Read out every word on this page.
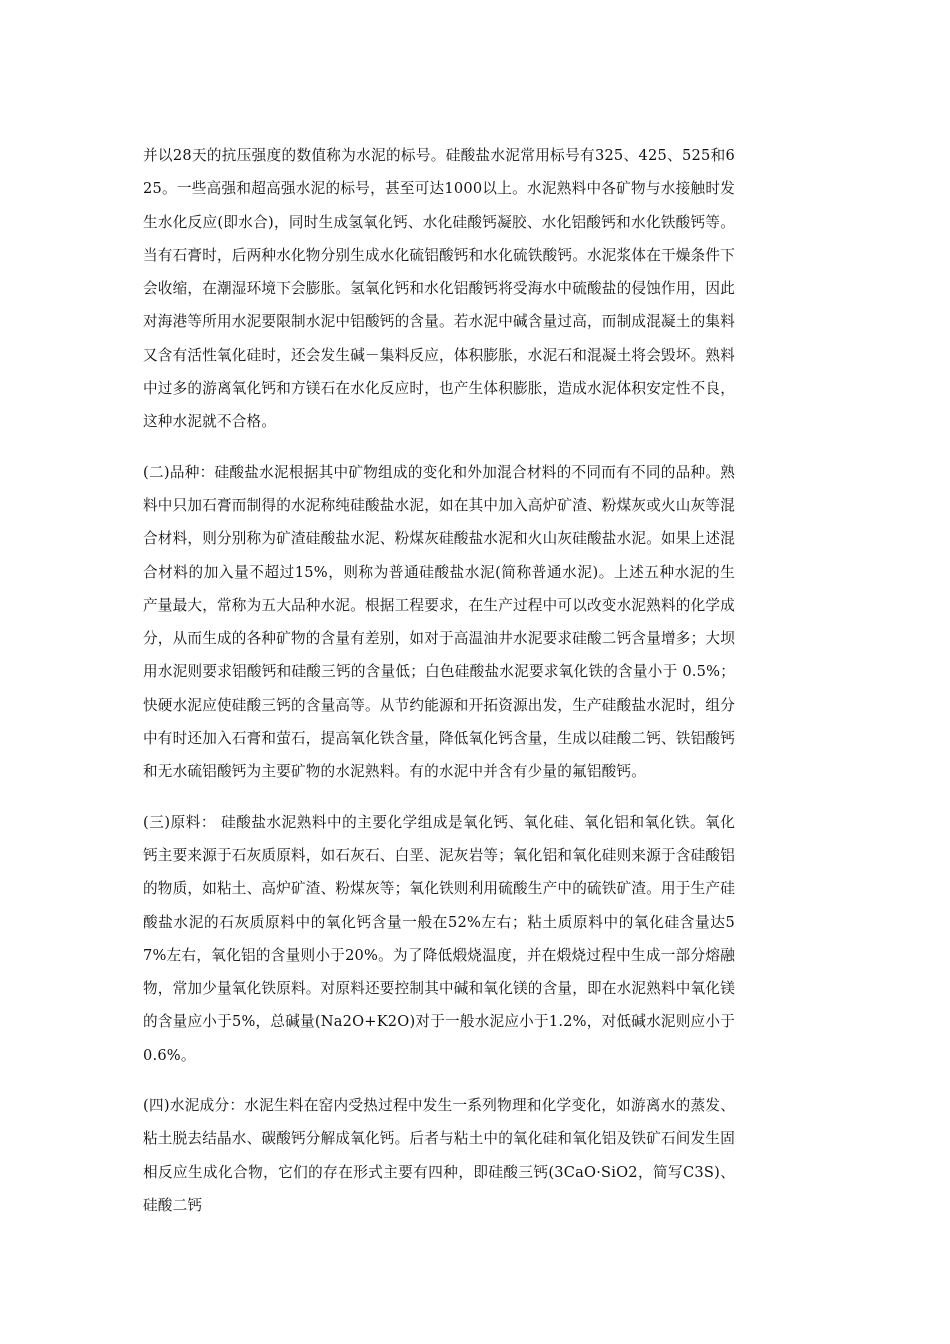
并以28天的抗压强度的数值称为水泥的标号。硅酸盐水泥常用标号有325、425、525和625。一些高强和超高强水泥的标号，甚至可达1000以上。水泥熟料中各矿物与水接触时发生水化反应(即水合)，同时生成氢氧化钙、水化硅酸钙凝胶、水化铝酸钙和水化铁酸钙等。当有石膏时，后两种水化物分别生成水化硫铝酸钙和水化硫铁酸钙。水泥浆体在干燥条件下会收缩，在潮湿环境下会膨胀。氢氧化钙和水化铝酸钙将受海水中硫酸盐的侵蚀作用，因此对海港等所用水泥要限制水泥中铝酸钙的含量。若水泥中碱含量过高，而制成混凝土的集料又含有活性氧化硅时，还会发生碱－集料反应，体积膨胀，水泥石和混凝土将会毁坏。熟料中过多的游离氧化钙和方镁石在水化反应时，也产生体积膨胀，造成水泥体积安定性不良，这种水泥就不合格。

(二)品种：硅酸盐水泥根据其中矿物组成的变化和外加混合材料的不同而有不同的品种。熟料中只加石膏而制得的水泥称纯硅酸盐水泥，如在其中加入高炉矿渣、粉煤灰或火山灰等混合材料，则分别称为矿渣硅酸盐水泥、粉煤灰硅酸盐水泥和火山灰硅酸盐水泥。如果上述混合材料的加入量不超过15%，则称为普通硅酸盐水泥(简称普通水泥)。上述五种水泥的生产量最大，常称为五大品种水泥。根据工程要求，在生产过程中可以改变水泥熟料的化学成分，从而生成的各种矿物的含量有差别，如对于高温油井水泥要求硅酸二钙含量增多；大坝用水泥则要求铝酸钙和硅酸三钙的含量低；白色硅酸盐水泥要求氧化铁的含量小于 0.5%；快硬水泥应使硅酸三钙的含量高等。从节约能源和开拓资源出发，生产硅酸盐水泥时，组分中有时还加入石膏和萤石，提高氧化铁含量，降低氧化钙含量，生成以硅酸二钙、铁铝酸钙和无水硫铝酸钙为主要矿物的水泥熟料。有的水泥中并含有少量的氟铝酸钙。

(三)原料： 硅酸盐水泥熟料中的主要化学组成是氧化钙、氧化硅、氧化铝和氧化铁。氧化钙主要来源于石灰质原料，如石灰石、白垩、泥灰岩等；氧化铝和氧化硅则来源于含硅酸铝的物质，如粘土、高炉矿渣、粉煤灰等；氧化铁则利用硫酸生产中的硫铁矿渣。用于生产硅酸盐水泥的石灰质原料中的氧化钙含量一般在52%左右；粘土质原料中的氧化硅含量达57%左右，氧化铝的含量则小于20%。为了降低煅烧温度，并在煅烧过程中生成一部分熔融物，常加少量氧化铁原料。对原料还要控制其中碱和氧化镁的含量，即在水泥熟料中氧化镁的含量应小于5%，总碱量(Na2O+K2O)对于一般水泥应小于1.2%，对低碱水泥则应小于0.6%。

(四)水泥成分：水泥生料在窑内受热过程中发生一系列物理和化学变化，如游离水的蒸发、粘土脱去结晶水、碳酸钙分解成氧化钙。后者与粘土中的氧化硅和氧化铝及铁矿石间发生固相反应生成化合物，它们的存在形式主要有四种，即硅酸三钙(3CaO·SiO2，简写C3S)、硅酸二钙
